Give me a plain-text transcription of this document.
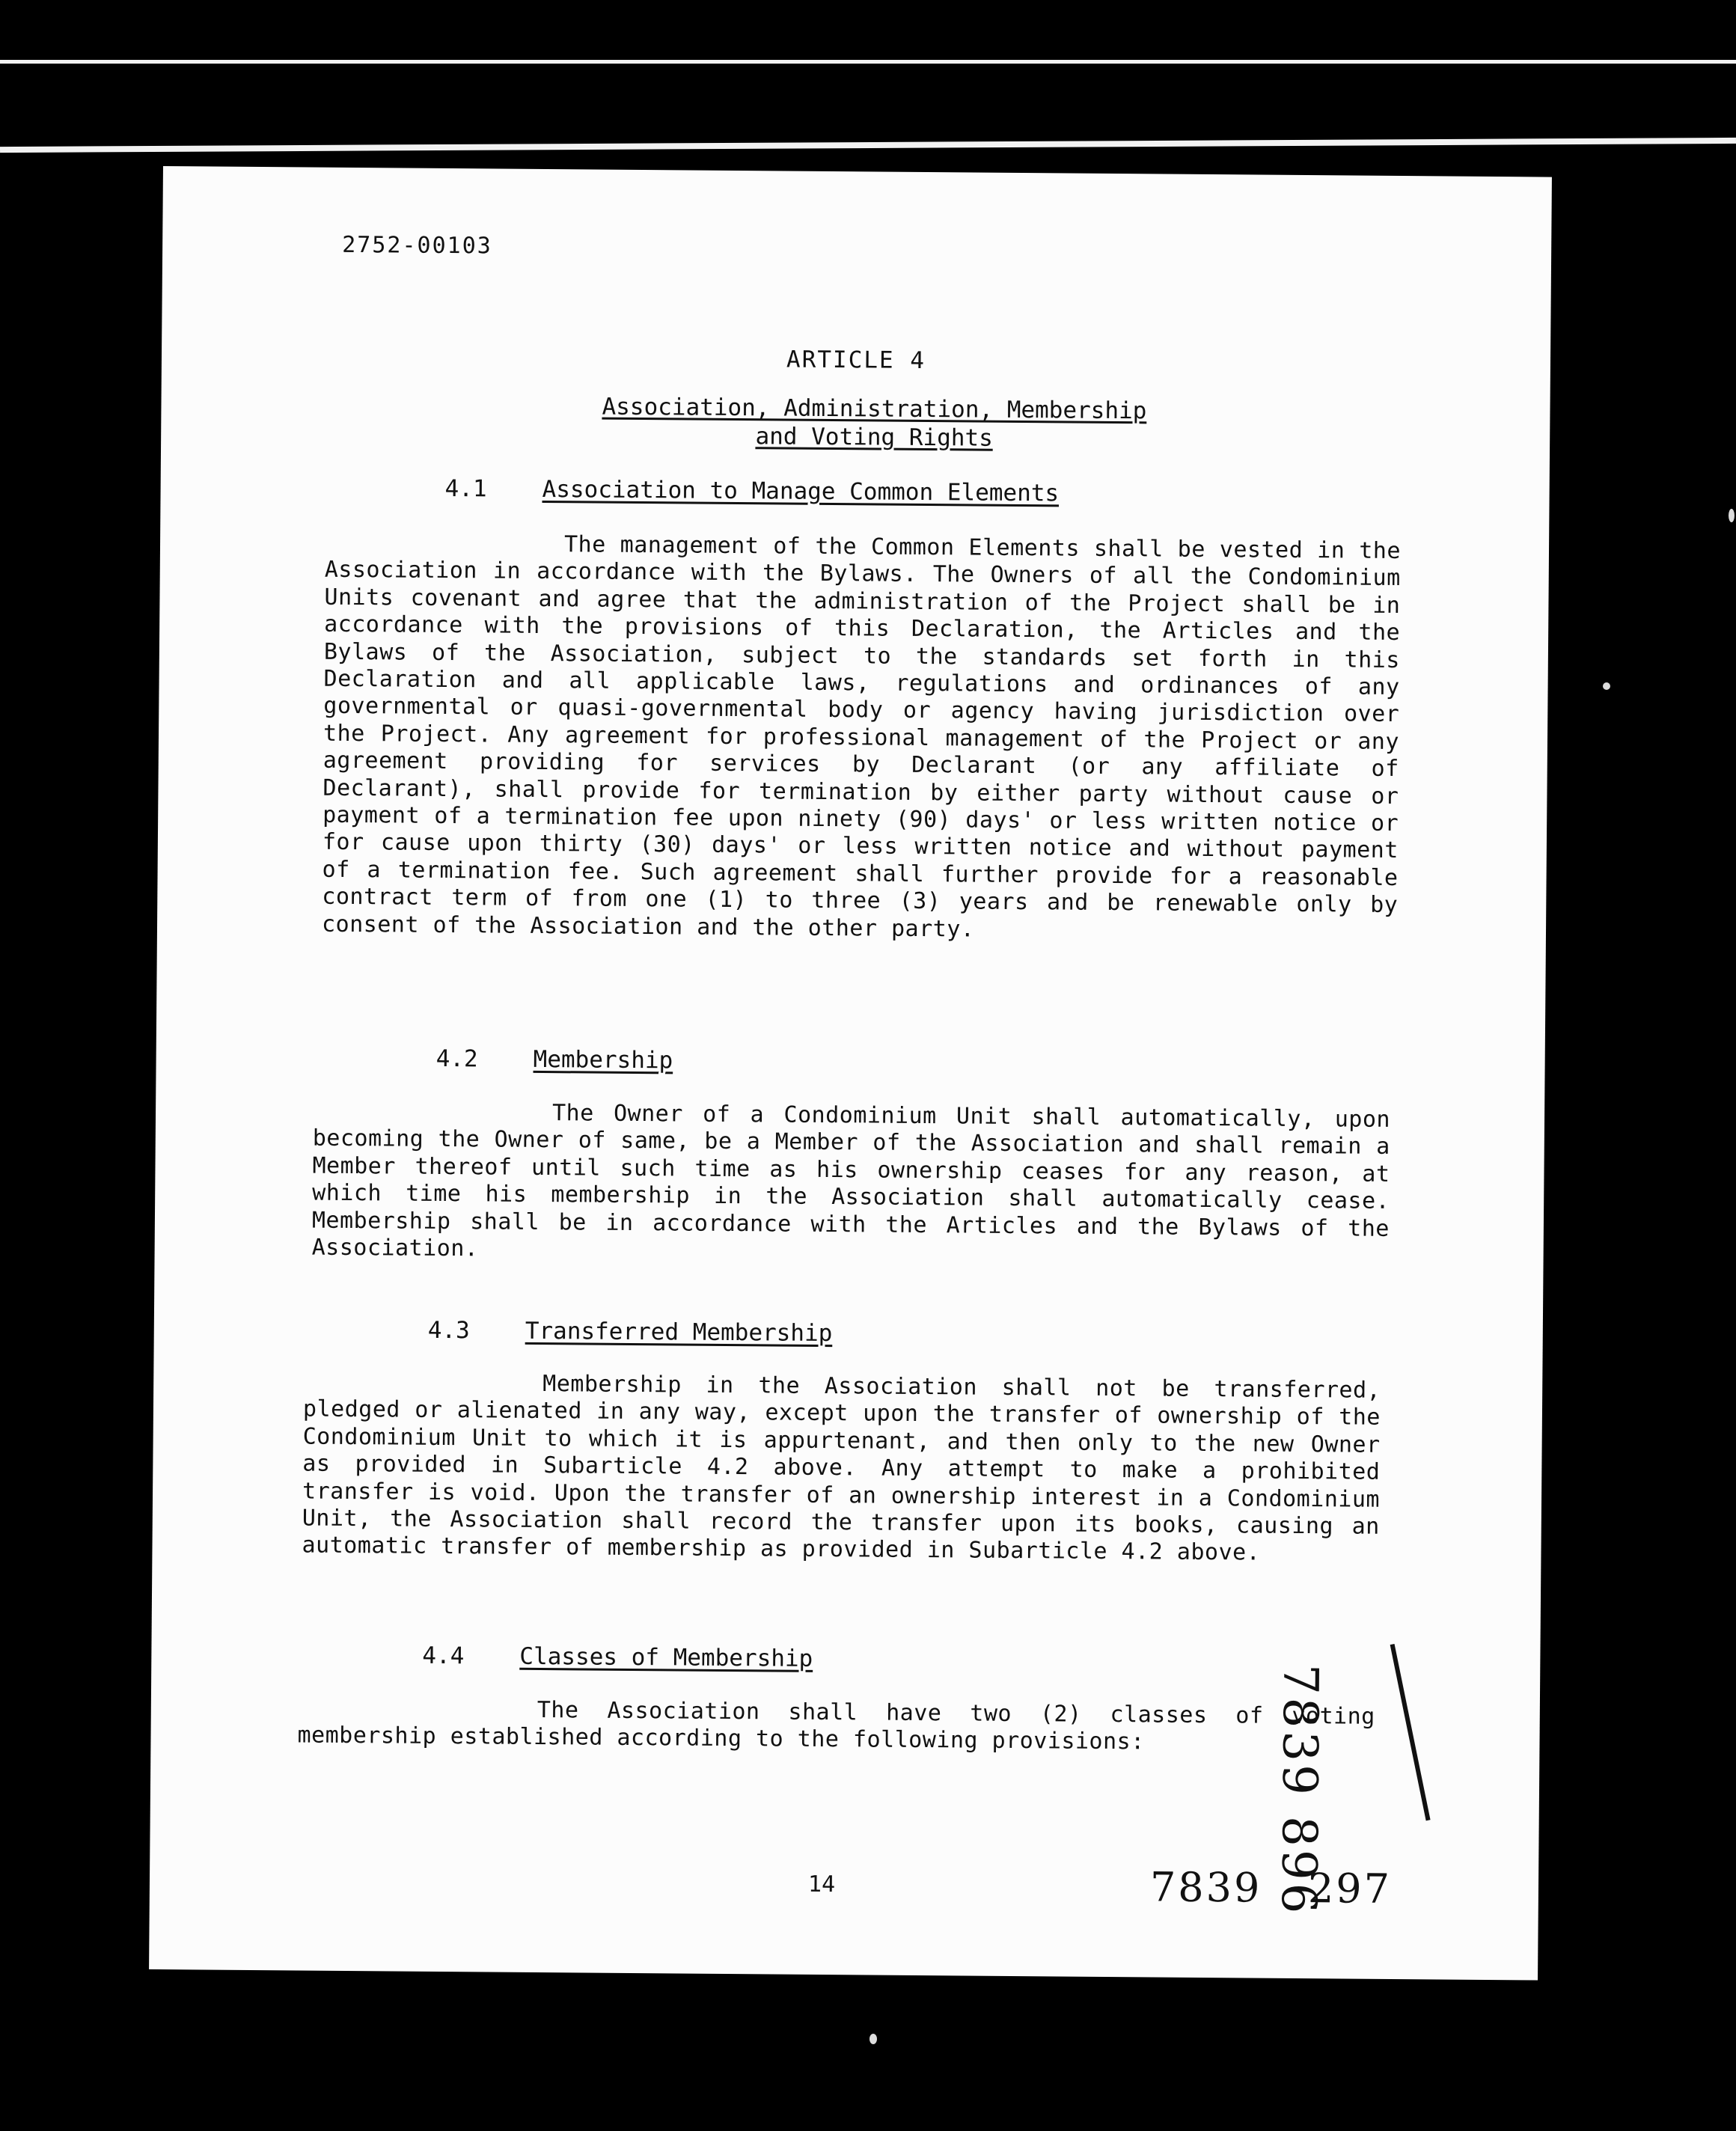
2752-00103
ARTICLE 4
Association, Administration, Membership
and Voting Rights
4.1 Association to Manage Common Elements

The management of the Common Elements shall be vested in the Association in accordance with the Bylaws. The Owners of all the Condominium Units covenant and agree that the administration of the Project shall be in accordance with the provisions of this Declaration, the Articles and the Bylaws of the Association, subject to the standards set forth in this Declaration and all applicable laws, regulations and ordinances of any governmental or quasi-governmental body or agency having jurisdiction over the Project. Any agreement for professional management of the Project or any agreement providing for services by Declarant (or any affiliate of Declarant), shall provide for termination by either party without cause or payment of a termination fee upon ninety (90) days' or less written notice or for cause upon thirty (30) days' or less written notice and without payment of a termination fee. Such agreement shall further provide for a reasonable contract term of from one (1) to three (3) years and be renewable only by consent of the Association and the other party.

4.2 Membership

The Owner of a Condominium Unit shall automatically, upon becoming the Owner of same, be a Member of the Association and shall remain a Member thereof until such time as his ownership ceases for any reason, at which time his membership in the Association shall automatically cease. Membership shall be in accordance with the Articles and the Bylaws of the Association.

4.3 Transferred Membership

Membership in the Association shall not be transferred, pledged or alienated in any way, except upon the transfer of ownership of the Condominium Unit to which it is appurtenant, and then only to the new Owner as provided in Subarticle 4.2 above. Any attempt to make a prohibited transfer is void. Upon the transfer of an ownership interest in a Condominium Unit, the Association shall record the transfer upon its books, causing an automatic transfer of membership as provided in Subarticle 4.2 above.

4.4 Classes of Membership

The Association shall have two (2) classes of voting membership established according to the following provisions:

14	7839 297
7839 896
